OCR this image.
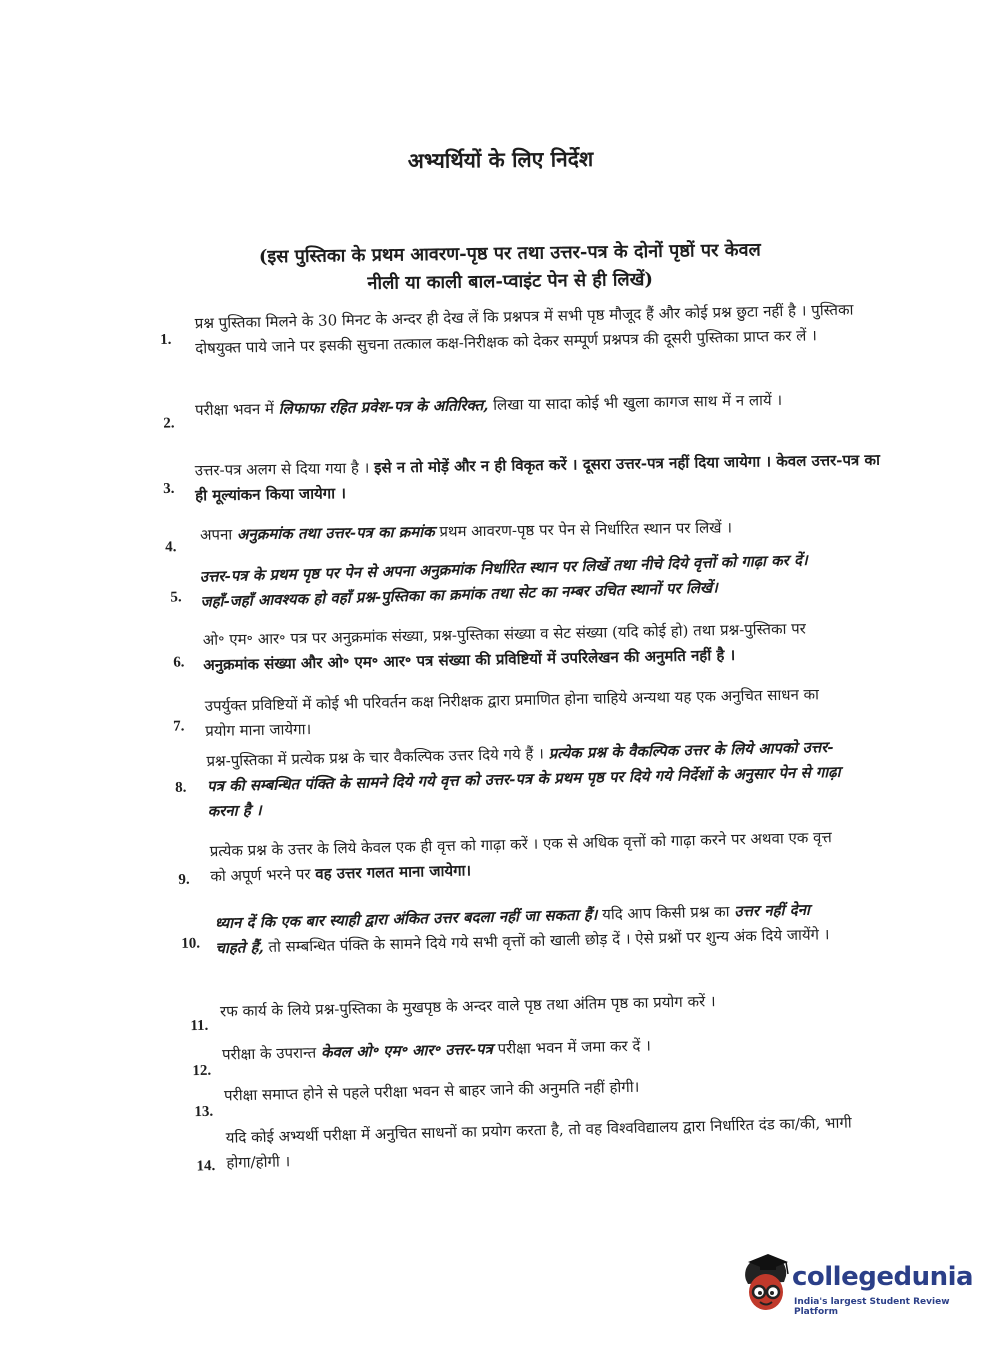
अभ्यर्थियों के लिए निर्देश
(इस पुस्तिका के प्रथम आवरण-पृष्ठ पर तथा उत्तर-पत्र के दोनों पृष्ठों पर केवल
नीली या काली बाल-प्वाइंट पेन से ही लिखें)
1.
प्रश्न पुस्तिका मिलने के 30 मिनट के अन्दर ही देख लें कि प्रश्नपत्र में सभी पृष्ठ मौजूद हैं और कोई प्रश्न छुटा नहीं है । पुस्तिका दोषयुक्त पाये जाने पर इसकी सुचना तत्काल कक्ष-निरीक्षक को देकर सम्पूर्ण प्रश्नपत्र की दूसरी पुस्तिका प्राप्त कर लें ।
2.
परीक्षा भवन में लिफाफा रहित प्रवेश-पत्र के अतिरिक्त, लिखा या सादा कोई भी खुला कागज साथ में न लायें ।
3.
उत्तर-पत्र अलग से दिया गया है । इसे न तो मोड़ें और न ही विकृत करें । दूसरा उत्तर-पत्र नहीं दिया जायेगा । केवल उत्तर-पत्र का ही मूल्यांकन किया जायेगा ।
4.
अपना अनुक्रमांक तथा उत्तर-पत्र का क्रमांक प्रथम आवरण-पृष्ठ पर पेन से निर्धारित स्थान पर लिखें ।
5.
उत्तर-पत्र के प्रथम पृष्ठ पर पेन से अपना अनुक्रमांक निर्धारित स्थान पर लिखें तथा नीचे दिये वृत्तों को गाढ़ा कर दें।जहाँ-जहाँ आवश्यक हो वहाँ प्रश्न-पुस्तिका का क्रमांक तथा सेट का नम्बर उचित स्थानों पर लिखें।
6.
ओ॰ एम॰ आर॰ पत्र पर अनुक्रमांक संख्या, प्रश्न-पुस्तिका संख्या व सेट संख्या (यदि कोई हो) तथा प्रश्न-पुस्तिका पर अनुक्रमांक संख्या और ओ॰ एम॰ आर॰ पत्र संख्या की प्रविष्टियों में उपरिलेखन की अनुमति नहीं है ।
7.
उपर्युक्त प्रविष्टियों में कोई भी परिवर्तन कक्ष निरीक्षक द्वारा प्रमाणित होना चाहिये अन्यथा यह एक अनुचित साधन का प्रयोग माना जायेगा।
8.
प्रश्न-पुस्तिका में प्रत्येक प्रश्न के चार वैकल्पिक उत्तर दिये गये हैं । प्रत्येक प्रश्न के वैकल्पिक उत्तर के लिये आपको उत्तर-पत्र की सम्बन्धित पंक्ति के सामने दिये गये वृत्त को उत्तर-पत्र के प्रथम पृष्ठ पर दिये गये निर्देशों के अनुसार पेन से गाढ़ा करना है ।
9.
प्रत्येक प्रश्न के उत्तर के लिये केवल एक ही वृत्त को गाढ़ा करें । एक से अधिक वृत्तों को गाढ़ा करने पर अथवा एक वृत्त को अपूर्ण भरने पर वह उत्तर गलत माना जायेगा।
10.
ध्यान दें कि एक बार स्याही द्वारा अंकित उत्तर बदला नहीं जा सकता हैं। यदि आप किसी प्रश्न का उत्तर नहीं देना चाहते हैं, तो सम्बन्धित पंक्ति के सामने दिये गये सभी वृत्तों को खाली छोड़ दें । ऐसे प्रश्नों पर शुन्य अंक दिये जायेंगे ।
11.
रफ कार्य के लिये प्रश्न-पुस्तिका के मुखपृष्ठ के अन्दर वाले पृष्ठ तथा अंतिम पृष्ठ का प्रयोग करें ।
12.
परीक्षा के उपरान्त केवल ओ॰ एम॰ आर॰ उत्तर-पत्र परीक्षा भवन में जमा कर दें ।
13.
परीक्षा समाप्त होने से पहले परीक्षा भवन से बाहर जाने की अनुमति नहीं होगी।
14.
यदि कोई अभ्यर्थी परीक्षा में अनुचित साधनों का प्रयोग करता है, तो वह विश्वविद्यालय द्वारा निर्धारित दंड का/की, भागी होगा/होगी ।
collegedunia
India's largest Student Review Platform
